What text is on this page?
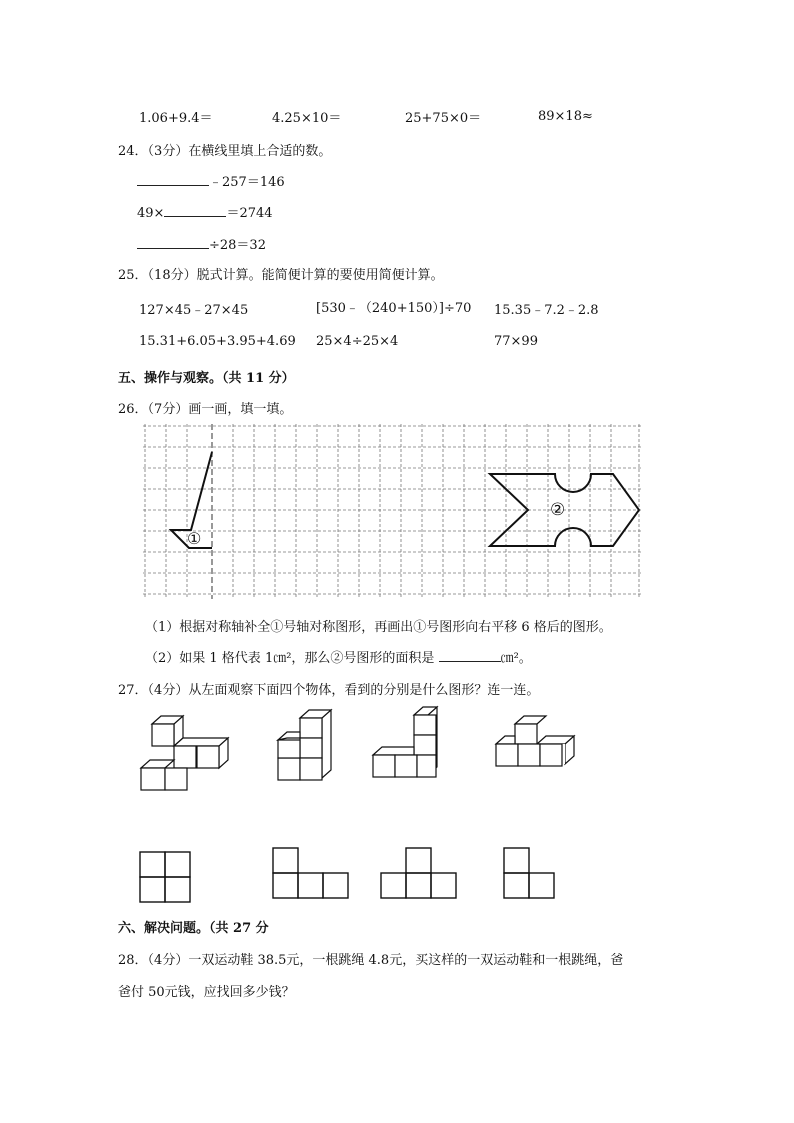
1.06+9.4＝	4.25×10＝	25+75×0＝	89×18≈
24．（3分）在横线里填上合适的数。
﹣257＝146
49×	＝2744
÷28＝32
25．（18分）脱式计算。能简便计算的要使用简便计算。
127×45﹣27×45	[530﹣（240+150）]÷70 15.35﹣7.2﹣2.8
15.31+6.05+3.95+4.69 25×4÷25×4	77×99
五、操作与观察。（共 11 分）
26．（7分）画一画，填一填。
①
②
（1）根据对称轴补全①号轴对称图形，再画出①号图形向右平移 6 格后的图形。
（2）如果 1 格代表 1㎝²，那么②号图形的面积是	㎝²。
27．（4分）从左面观察下面四个物体，看到的分别是什么图形？连一连。
六、解决问题。（共 27 分
28．（4分）一双运动鞋 38.5元，一根跳绳 4.8元，买这样的一双运动鞋和一根跳绳，爸
爸付 50元钱，应找回多少钱？
